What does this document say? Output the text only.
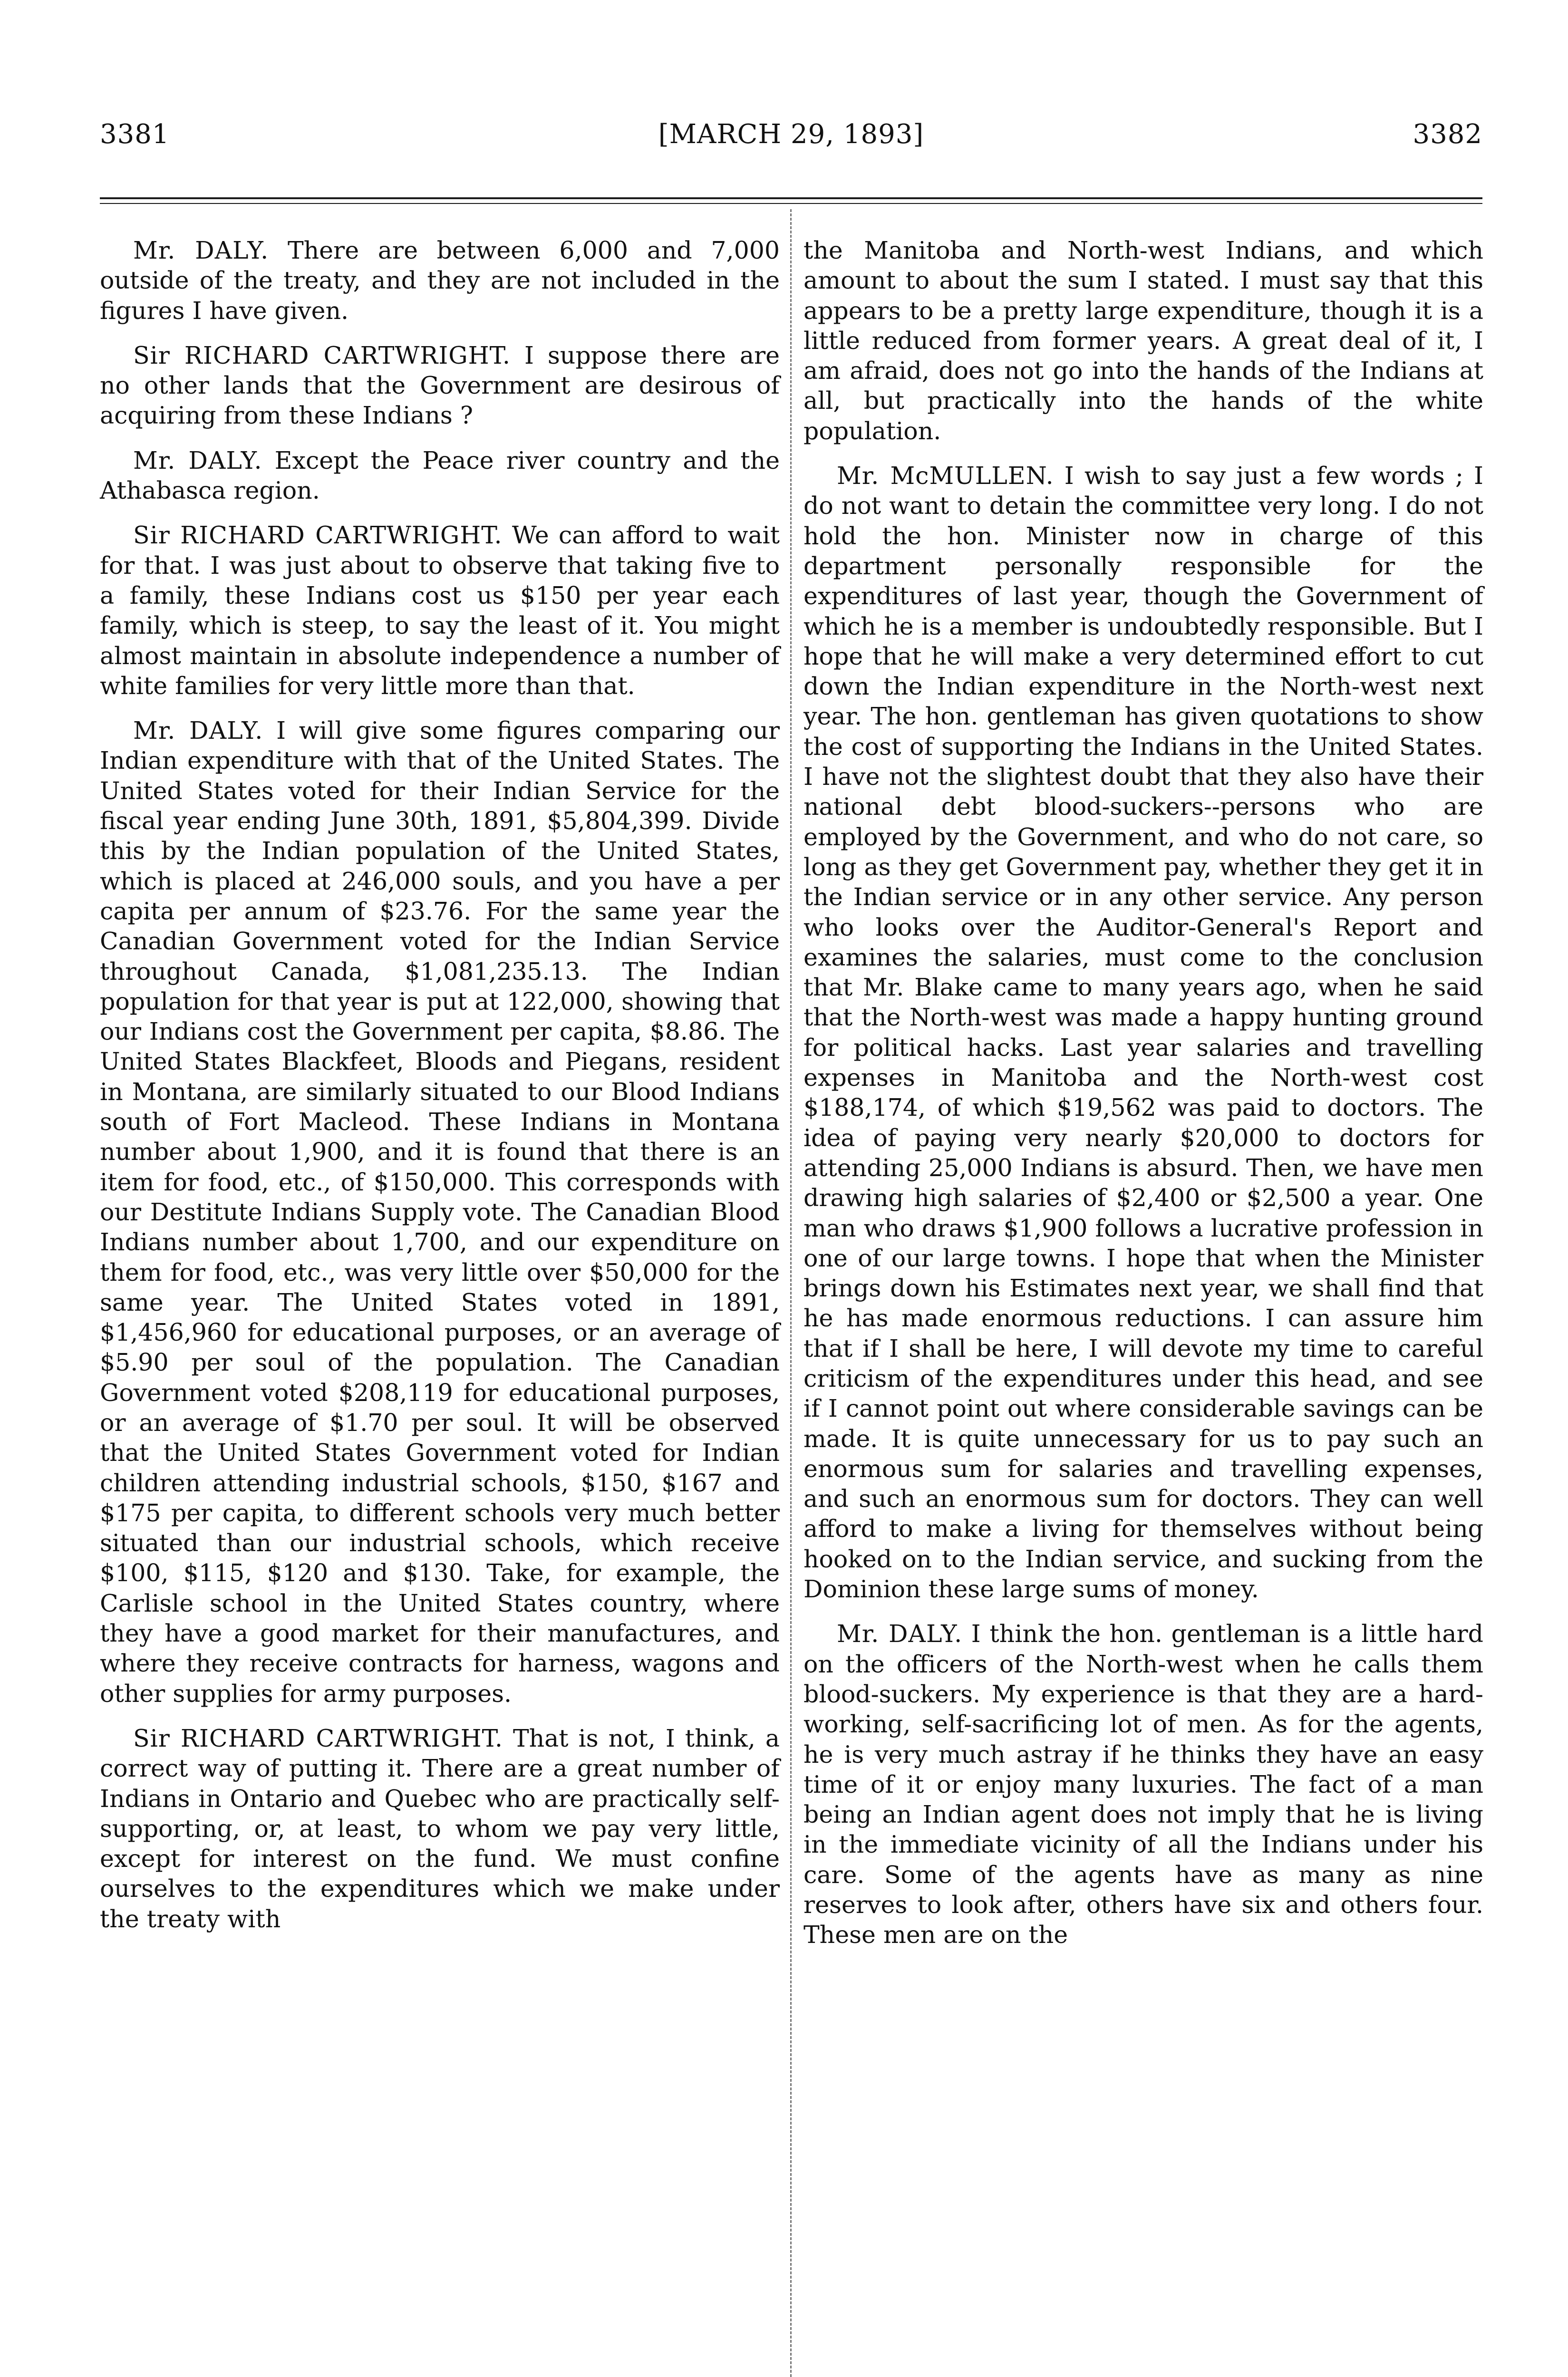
3381	[MARCH 29, 1893]	3382

Mr. DALY. There are between 6,000 and 7,000 outside of the treaty, and they are not included in the figures I have given.

Sir RICHARD CARTWRIGHT. I suppose there are no other lands that the Government are desirous of acquiring from these Indians ?

Mr. DALY. Except the Peace river country and the Athabasca region.

Sir RICHARD CARTWRIGHT. We can afford to wait for that. I was just about to observe that taking five to a family, these Indians cost us $150 per year each family, which is steep, to say the least of it. You might almost maintain in absolute independence a number of white families for very little more than that.

Mr. DALY. I will give some figures comparing our Indian expenditure with that of the United States. The United States voted for their Indian Service for the fiscal year ending June 30th, 1891, $5,804,399. Divide this by the Indian population of the United States, which is placed at 246,000 souls, and you have a per capita per annum of $23.76. For the same year the Canadian Government voted for the Indian Service throughout Canada, $1,081,235.13. The Indian population for that year is put at 122,000, showing that our Indians cost the Government per capita, $8.86. The United States Blackfeet, Bloods and Piegans, resident in Montana, are similarly situated to our Blood Indians south of Fort Macleod. These Indians in Montana number about 1,900, and it is found that there is an item for food, etc., of $150,000. This corresponds with our Destitute Indians Supply vote. The Canadian Blood Indians number about 1,700, and our expenditure on them for food, etc., was very little over $50,000 for the same year. The United States voted in 1891, $1,456,960 for educational purposes, or an average of $5.90 per soul of the population. The Canadian Government voted $208,119 for educational purposes, or an average of $1.70 per soul. It will be observed that the United States Government voted for Indian children attending industrial schools, $150, $167 and $175 per capita, to different schools very much better situated than our industrial schools, which receive $100, $115, $120 and $130. Take, for example, the Carlisle school in the United States country, where they have a good market for their manufactures, and where they receive contracts for harness, wagons and other supplies for army purposes.

Sir RICHARD CARTWRIGHT. That is not, I think, a correct way of putting it. There are a great number of Indians in Ontario and Quebec who are practically self-supporting, or, at least, to whom we pay very little, except for interest on the fund. We must confine ourselves to the expenditures which we make under the treaty with

the Manitoba and North-west Indians, and which amount to about the sum I stated. I must say that this appears to be a pretty large expenditure, though it is a little reduced from former years. A great deal of it, I am afraid, does not go into the hands of the Indians at all, but practically into the hands of the white population.

Mr. McMULLEN. I wish to say just a few words ; I do not want to detain the committee very long. I do not hold the hon. Minister now in charge of this department personally responsible for the expenditures of last year, though the Government of which he is a member is undoubtedly responsible. But I hope that he will make a very determined effort to cut down the Indian expenditure in the North-west next year. The hon. gentleman has given quotations to show the cost of supporting the Indians in the United States. I have not the slightest doubt that they also have their national debt blood-suckers--persons who are employed by the Government, and who do not care, so long as they get Government pay, whether they get it in the Indian service or in any other service. Any person who looks over the Auditor-General's Report and examines the salaries, must come to the conclusion that Mr. Blake came to many years ago, when he said that the North-west was made a happy hunting ground for political hacks. Last year salaries and travelling expenses in Manitoba and the North-west cost $188,174, of which $19,562 was paid to doctors. The idea of paying very nearly $20,000 to doctors for attending 25,000 Indians is absurd. Then, we have men drawing high salaries of $2,400 or $2,500 a year. One man who draws $1,900 follows a lucrative profession in one of our large towns. I hope that when the Minister brings down his Estimates next year, we shall find that he has made enormous reductions. I can assure him that if I shall be here, I will devote my time to careful criticism of the expenditures under this head, and see if I cannot point out where considerable savings can be made. It is quite unnecessary for us to pay such an enormous sum for salaries and travelling expenses, and such an enormous sum for doctors. They can well afford to make a living for themselves without being hooked on to the Indian service, and sucking from the Dominion these large sums of money.

Mr. DALY. I think the hon. gentleman is a little hard on the officers of the North-west when he calls them blood-suckers. My experience is that they are a hard-working, self-sacrificing lot of men. As for the agents, he is very much astray if he thinks they have an easy time of it or enjoy many luxuries. The fact of a man being an Indian agent does not imply that he is living in the immediate vicinity of all the Indians under his care. Some of the agents have as many as nine reserves to look after, others have six and others four. These men are on the
